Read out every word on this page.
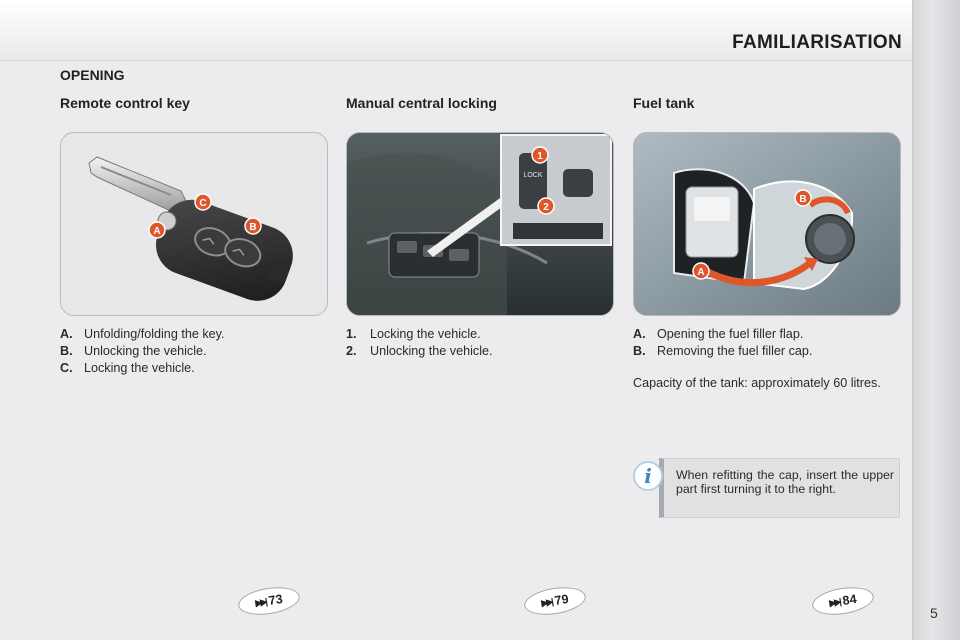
FAMILIARISATION
OPENING
Remote control key	Manual central locking	Fuel tank
A	B
C
LOCK
1
2
A
B
A. Unfolding/folding the key.
B. Unlocking the vehicle.
C. Locking the vehicle.
1.	Locking the vehicle.
2.	Unlocking the vehicle.
A. Opening the fuel filler flap.
B. Removing the fuel filler cap.
Capacity of the tank: approximately 60 litres.
When refitting the cap, insert the upper part first turning it to the right.
i
▶▶| 73	▶▶| 79	▶▶| 84
5
